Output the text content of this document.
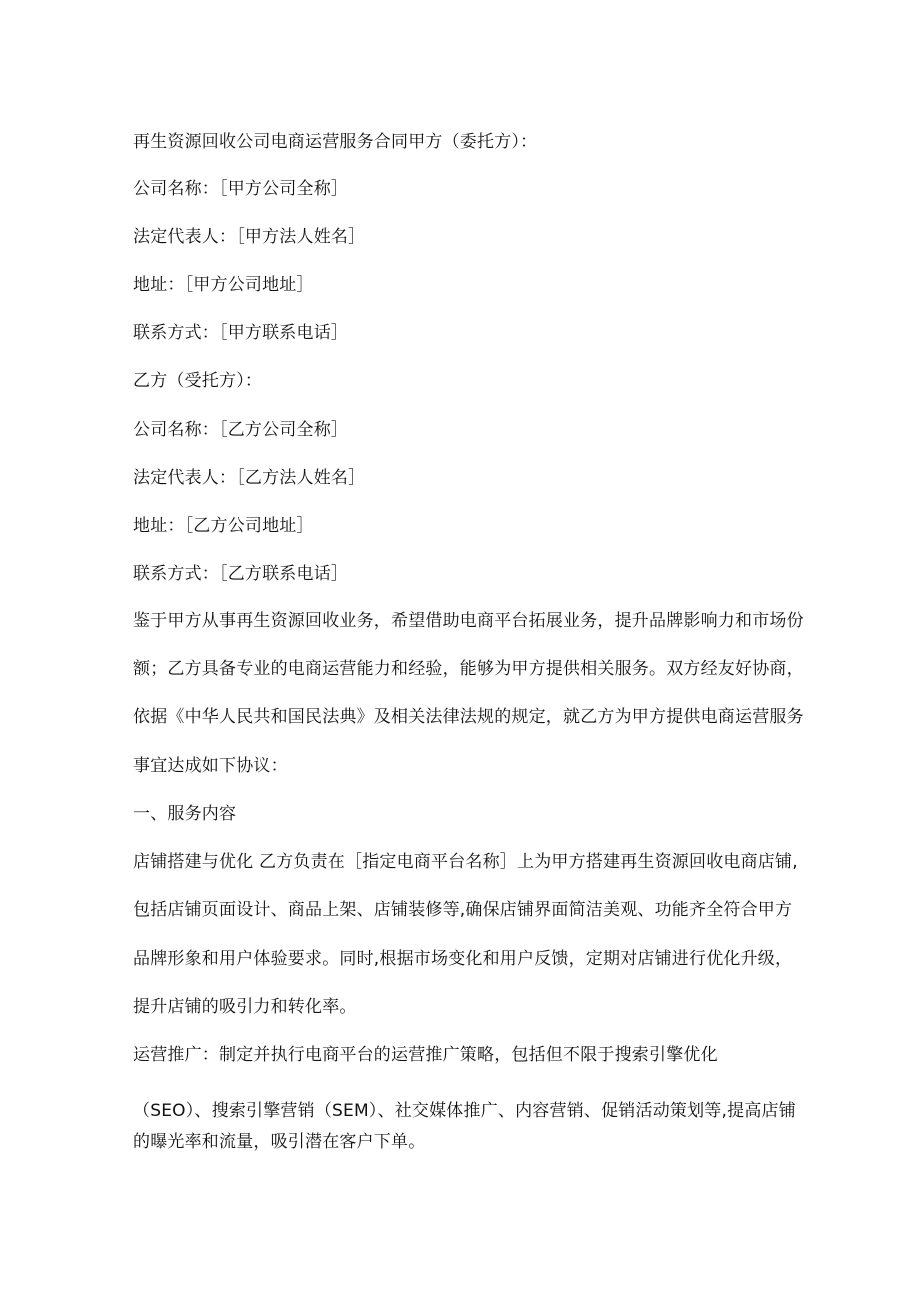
再生资源回收公司电商运营服务合同甲方（委托方）：
公司名称：［甲方公司全称］
法定代表人：［甲方法人姓名］
地址：［甲方公司地址］
联系方式：［甲方联系电话］
乙方（受托方）：
公司名称：［乙方公司全称］
法定代表人：［乙方法人姓名］
地址：［乙方公司地址］
联系方式：［乙方联系电话］
鉴于甲方从事再生资源回收业务，希望借助电商平台拓展业务，提升品牌影响力和市场份
额；乙方具备专业的电商运营能力和经验，能够为甲方提供相关服务。双方经友好协商，
依据《中华人民共和国民法典》及相关法律法规的规定，就乙方为甲方提供电商运营服务
事宜达成如下协议：
一、服务内容
店铺搭建与优化 乙方负责在［指定电商平台名称］上为甲方搭建再生资源回收电商店铺,
包括店铺页面设计、商品上架、店铺装修等,确保店铺界面简洁美观、功能齐全符合甲方
品牌形象和用户体验要求。同时,根据市场变化和用户反馈，定期对店铺进行优化升级，
提升店铺的吸引力和转化率。
运营推广：制定并执行电商平台的运营推广策略，包括但不限于搜索引擎优化
（SEO）、搜索引擎营销（SEM）、社交媒体推广、内容营销、促销活动策划等,提高店铺
的曝光率和流量，吸引潜在客户下单。
